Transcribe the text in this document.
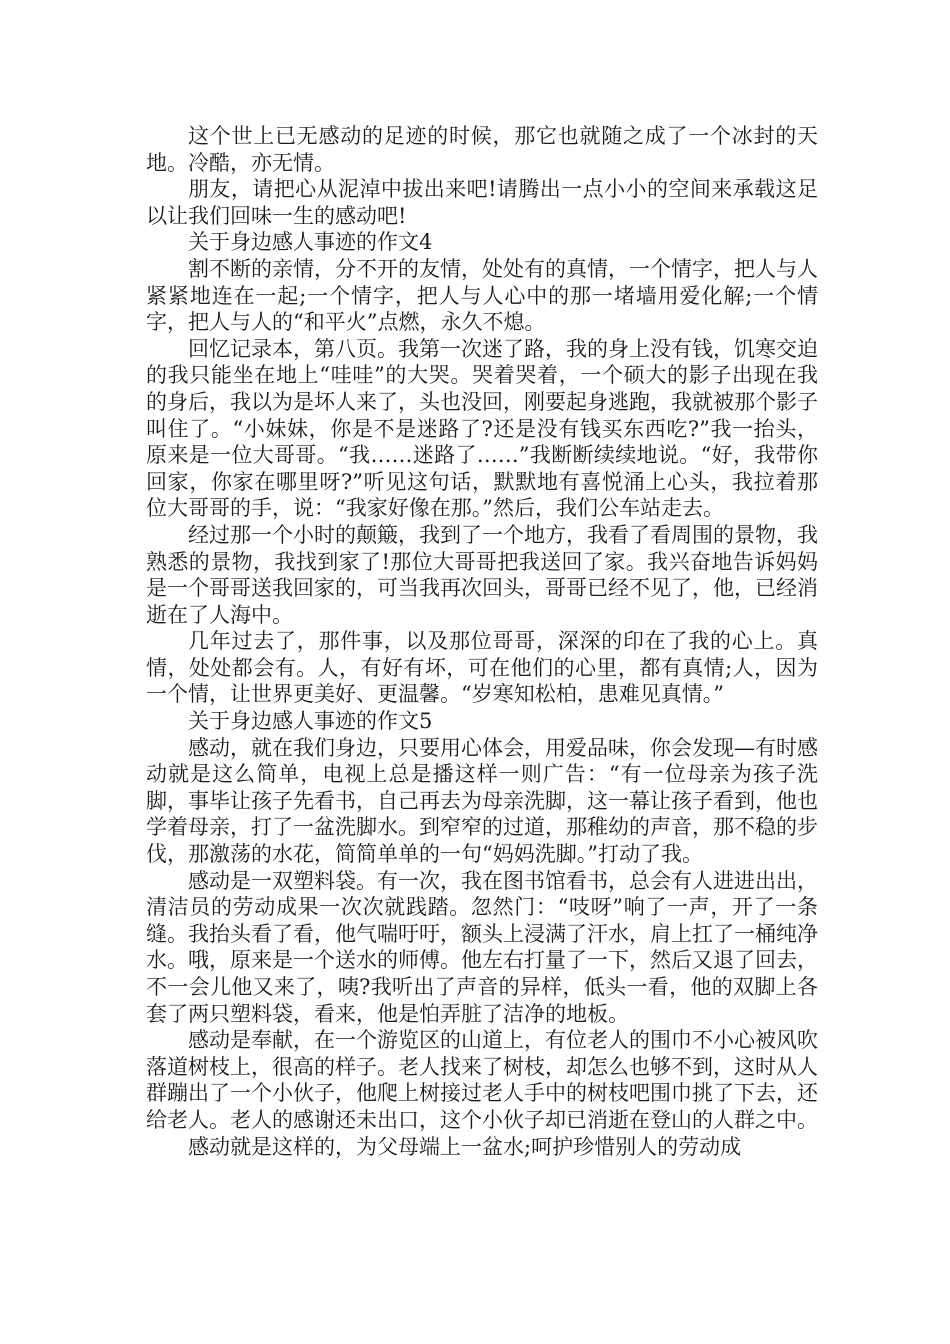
这个世上已无感动的足迹的时候，那它也就随之成了一个冰封的天地。冷酷，亦无情。

朋友，请把心从泥淖中拔出来吧!请腾出一点小小的空间来承载这足以让我们回味一生的感动吧!

关于身边感人事迹的作文4

割不断的亲情，分不开的友情，处处有的真情，一个情字，把人与人紧紧地连在一起;一个情字，把人与人心中的那一堵墙用爱化解;一个情字，把人与人的“和平火”点燃，永久不熄。

回忆记录本，第八页。我第一次迷了路，我的身上没有钱，饥寒交迫的我只能坐在地上“哇哇”的大哭。哭着哭着，一个硕大的影子出现在我的身后，我以为是坏人来了，头也没回，刚要起身逃跑，我就被那个影子叫住了。“小妹妹，你是不是迷路了?还是没有钱买东西吃?”我一抬头，原来是一位大哥哥。“我……迷路了……”我断断续续地说。“好，我带你回家，你家在哪里呀?”听见这句话，默默地有喜悦涌上心头，我拉着那位大哥哥的手，说：“我家好像在那。”然后，我们公车站走去。

经过那一个小时的颠簸，我到了一个地方，我看了看周围的景物，我熟悉的景物，我找到家了!那位大哥哥把我送回了家。我兴奋地告诉妈妈是一个哥哥送我回家的，可当我再次回头，哥哥已经不见了，他，已经消逝在了人海中。

几年过去了，那件事，以及那位哥哥，深深的印在了我的心上。真情，处处都会有。人，有好有坏，可在他们的心里，都有真情;人，因为一个情，让世界更美好、更温馨。“岁寒知松柏，患难见真情。”

关于身边感人事迹的作文5

感动，就在我们身边，只要用心体会，用爱品味，你会发现—有时感动就是这么简单，电视上总是播这样一则广告：“有一位母亲为孩子洗脚，事毕让孩子先看书，自己再去为母亲洗脚，这一幕让孩子看到，他也学着母亲，打了一盆洗脚水。到窄窄的过道，那稚幼的声音，那不稳的步伐，那激荡的水花，简简单单的一句“妈妈洗脚。”打动了我。

感动是一双塑料袋。有一次，我在图书馆看书，总会有人进进出出，清洁员的劳动成果一次次就践踏。忽然门：“吱呀”响了一声，开了一条缝。我抬头看了看，他气喘吁吁，额头上浸满了汗水，肩上扛了一桶纯净水。哦，原来是一个送水的师傅。他左右打量了一下，然后又退了回去，不一会儿他又来了，咦?我听出了声音的异样，低头一看，他的双脚上各套了两只塑料袋，看来，他是怕弄脏了洁净的地板。

感动是奉献，在一个游览区的山道上，有位老人的围巾不小心被风吹落道树枝上，很高的样子。老人找来了树枝，却怎么也够不到，这时从人群蹦出了一个小伙子，他爬上树接过老人手中的树枝吧围巾挑了下去，还给老人。老人的感谢还未出口，这个小伙子却已消逝在登山的人群之中。

感动就是这样的，为父母端上一盆水;呵护珍惜别人的劳动成
